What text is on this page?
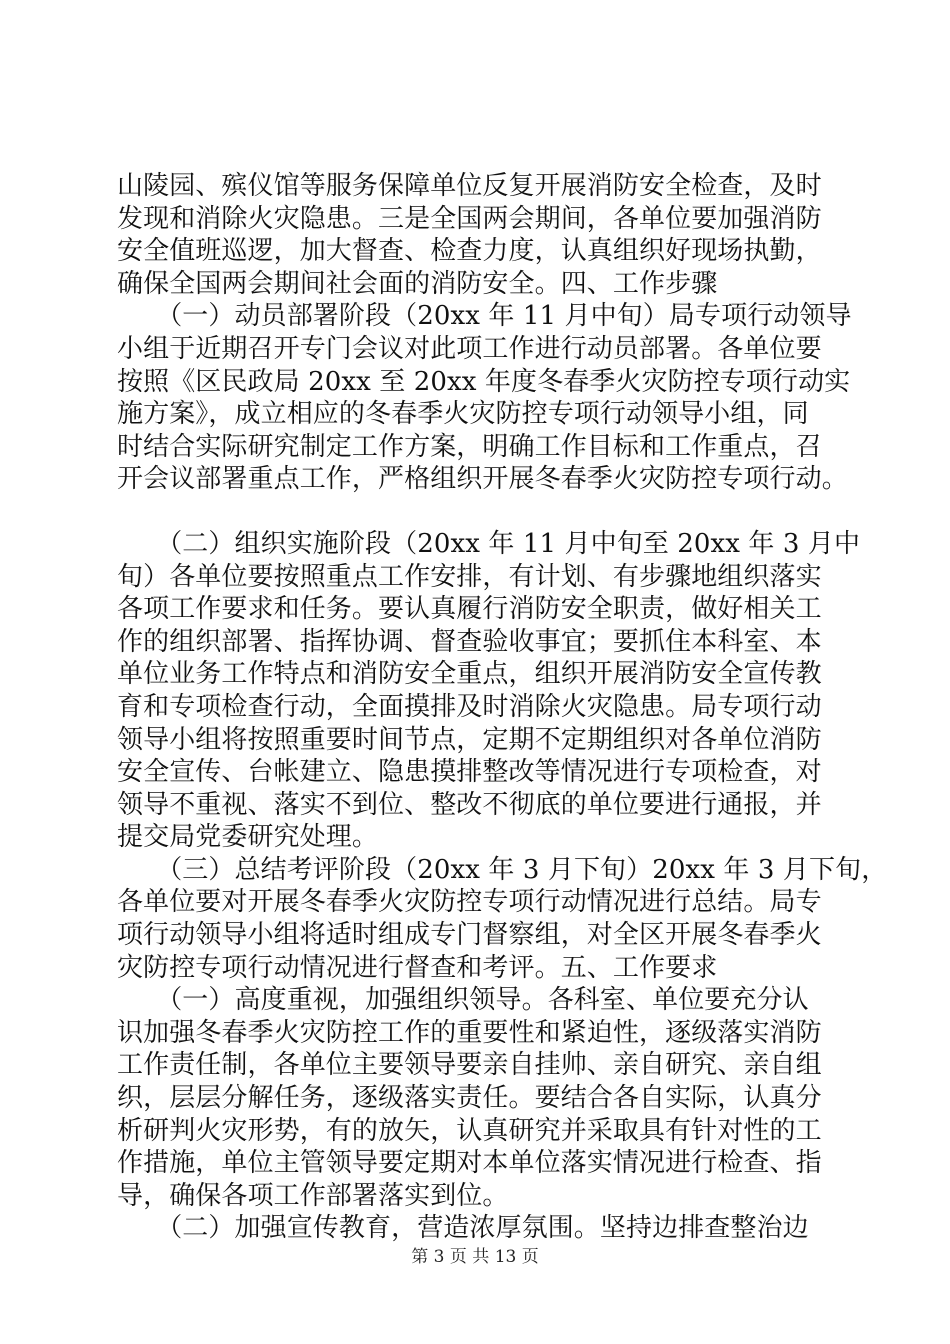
山陵园、殡仪馆等服务保障单位反复开展消防安全检查，及时
发现和消除火灾隐患。三是全国两会期间，各单位要加强消防
安全值班巡逻，加大督查、检查力度，认真组织好现场执勤，
确保全国两会期间社会面的消防安全。四、工作步骤
　　（一）动员部署阶段（20xx 年 11 月中旬）局专项行动领导
小组于近期召开专门会议对此项工作进行动员部署。各单位要
按照《区民政局 20xx 至 20xx 年度冬春季火灾防控专项行动实
施方案》，成立相应的冬春季火灾防控专项行动领导小组，同
时结合实际研究制定工作方案，明确工作目标和工作重点，召
开会议部署重点工作，严格组织开展冬春季火灾防控专项行动。
　　（二）组织实施阶段（20xx 年 11 月中旬至 20xx 年 3 月中
旬）各单位要按照重点工作安排，有计划、有步骤地组织落实
各项工作要求和任务。要认真履行消防安全职责，做好相关工
作的组织部署、指挥协调、督查验收事宜；要抓住本科室、本
单位业务工作特点和消防安全重点，组织开展消防安全宣传教
育和专项检查行动，全面摸排及时消除火灾隐患。局专项行动
领导小组将按照重要时间节点，定期不定期组织对各单位消防
安全宣传、台帐建立、隐患摸排整改等情况进行专项检查，对
领导不重视、落实不到位、整改不彻底的单位要进行通报，并
提交局党委研究处理。
　　（三）总结考评阶段（20xx 年 3 月下旬）20xx 年 3 月下旬，
各单位要对开展冬春季火灾防控专项行动情况进行总结。局专
项行动领导小组将适时组成专门督察组，对全区开展冬春季火
灾防控专项行动情况进行督查和考评。五、工作要求
　　（一）高度重视，加强组织领导。各科室、单位要充分认
识加强冬春季火灾防控工作的重要性和紧迫性，逐级落实消防
工作责任制，各单位主要领导要亲自挂帅、亲自研究、亲自组
织，层层分解任务，逐级落实责任。要结合各自实际，认真分
析研判火灾形势，有的放矢，认真研究并采取具有针对性的工
作措施，单位主管领导要定期对本单位落实情况进行检查、指
导，确保各项工作部署落实到位。
　　（二）加强宣传教育，营造浓厚氛围。坚持边排查整治边
第 3 页 共 13 页
